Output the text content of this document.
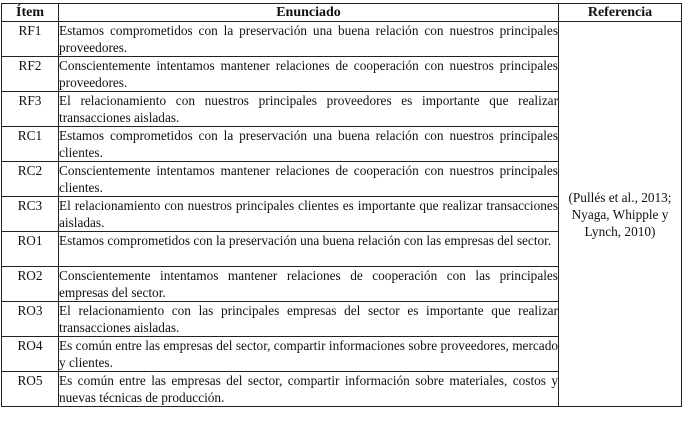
Ítem	Enunciado	Referencia
RF1	Estamos comprometidos con la preservación una buena relación con nuestros principales proveedores.	(Pullés et al., 2013; Nyaga, Whipple y Lynch, 2010)
RF2	Conscientemente intentamos mantener relaciones de cooperación con nuestros principales proveedores.	
RF3	El relacionamiento con nuestros principales proveedores es importante que realizar transacciones aisladas.	
RC1	Estamos comprometidos con la preservación una buena relación con nuestros principales clientes.	
RC2	Conscientemente intentamos mantener relaciones de cooperación con nuestros principales clientes.	
RC3	El relacionamiento con nuestros principales clientes es importante que realizar transacciones aisladas.	
RO1	Estamos comprometidos con la preservación una buena relación con las empresas del sector.	
RO2	Conscientemente intentamos mantener relaciones de cooperación con las principales empresas del sector.	
RO3	El relacionamiento con las principales empresas del sector es importante que realizar transacciones aisladas.	
RO4	Es común entre las empresas del sector, compartir informaciones sobre proveedores, mercado y clientes.	
RO5	Es común entre las empresas del sector, compartir información sobre materiales, costos y nuevas técnicas de producción.	
